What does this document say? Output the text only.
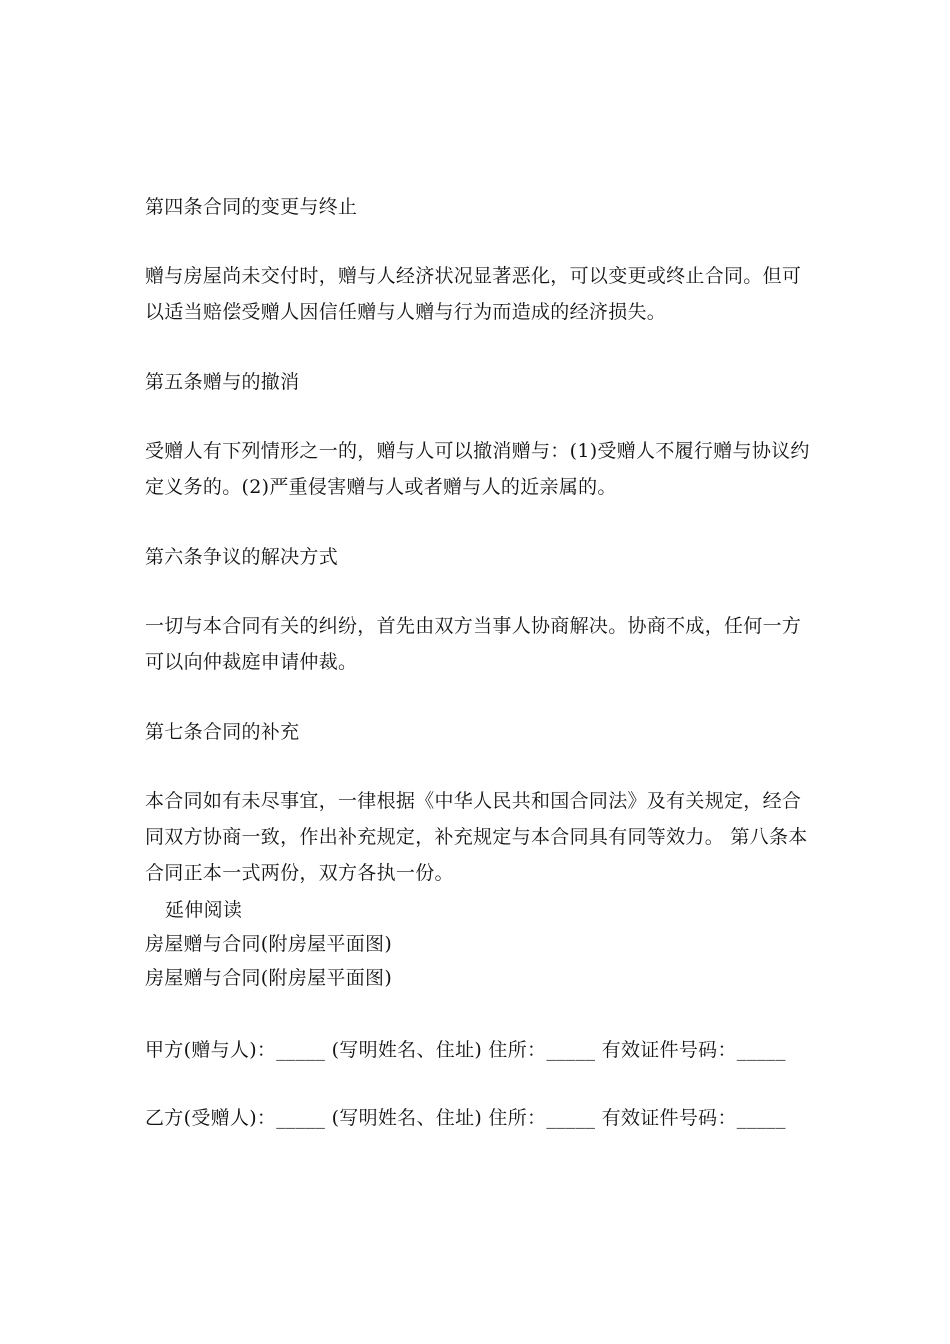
第四条合同的变更与终止
赠与房屋尚未交付时，赠与人经济状况显著恶化，可以变更或终止合同。但可
以适当赔偿受赠人因信任赠与人赠与行为而造成的经济损失。
第五条赠与的撤消
受赠人有下列情形之一的，赠与人可以撤消赠与：(1)受赠人不履行赠与协议约
定义务的。(2)严重侵害赠与人或者赠与人的近亲属的。
第六条争议的解决方式
一切与本合同有关的纠纷，首先由双方当事人协商解决。协商不成，任何一方
可以向仲裁庭申请仲裁。
第七条合同的补充
本合同如有未尽事宜，一律根据《中华人民共和国合同法》及有关规定，经合
同双方协商一致，作出补充规定，补充规定与本合同具有同等效力。 第八条本
合同正本一式两份，双方各执一份。
延伸阅读
房屋赠与合同(附房屋平面图)
房屋赠与合同(附房屋平面图)
甲方(赠与人)：_____ (写明姓名、住址) 住所：_____ 有效证件号码：_____
乙方(受赠人)：_____ (写明姓名、住址) 住所：_____ 有效证件号码：_____
